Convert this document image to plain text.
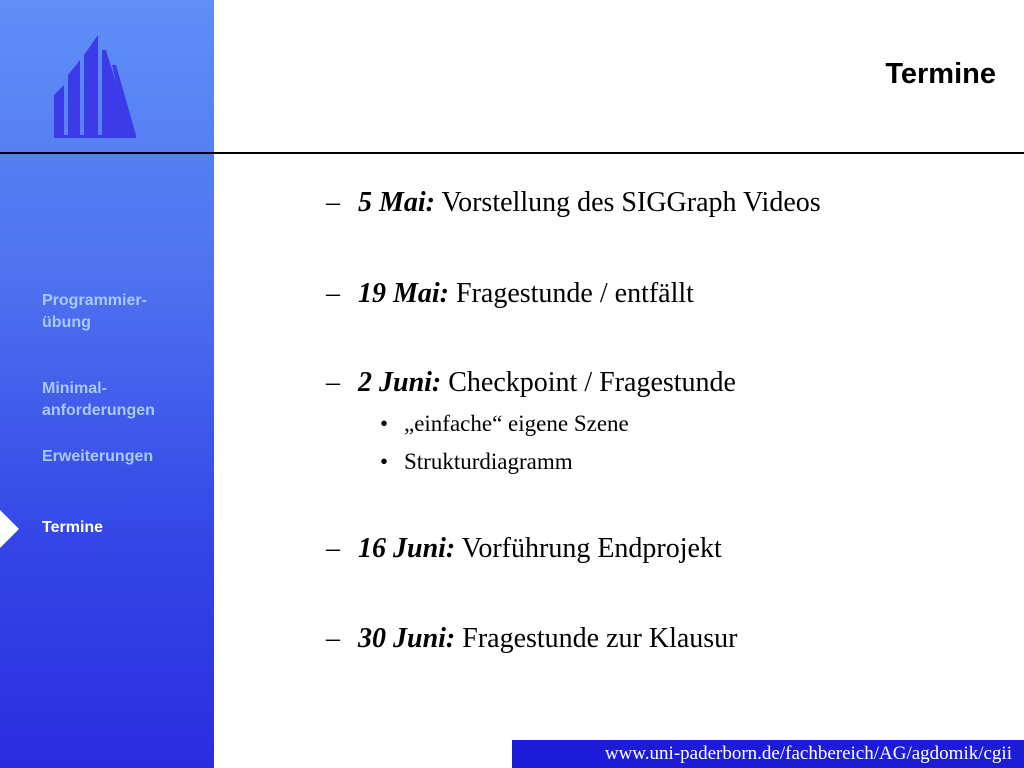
Programmier-
übung
Minimal-
anforderungen
Erweiterungen
Termine
Termine
– 5 Mai: Vorstellung des SIGGraph Videos
– 19 Mai: Fragestunde / entfällt
– 2 Juni: Checkpoint / Fragestunde
• „einfache“ eigene Szene
• Strukturdiagramm
– 16 Juni: Vorführung Endprojekt
– 30 Juni: Fragestunde zur Klausur
www.uni-paderborn.de/fachbereich/AG/agdomik/cgii
